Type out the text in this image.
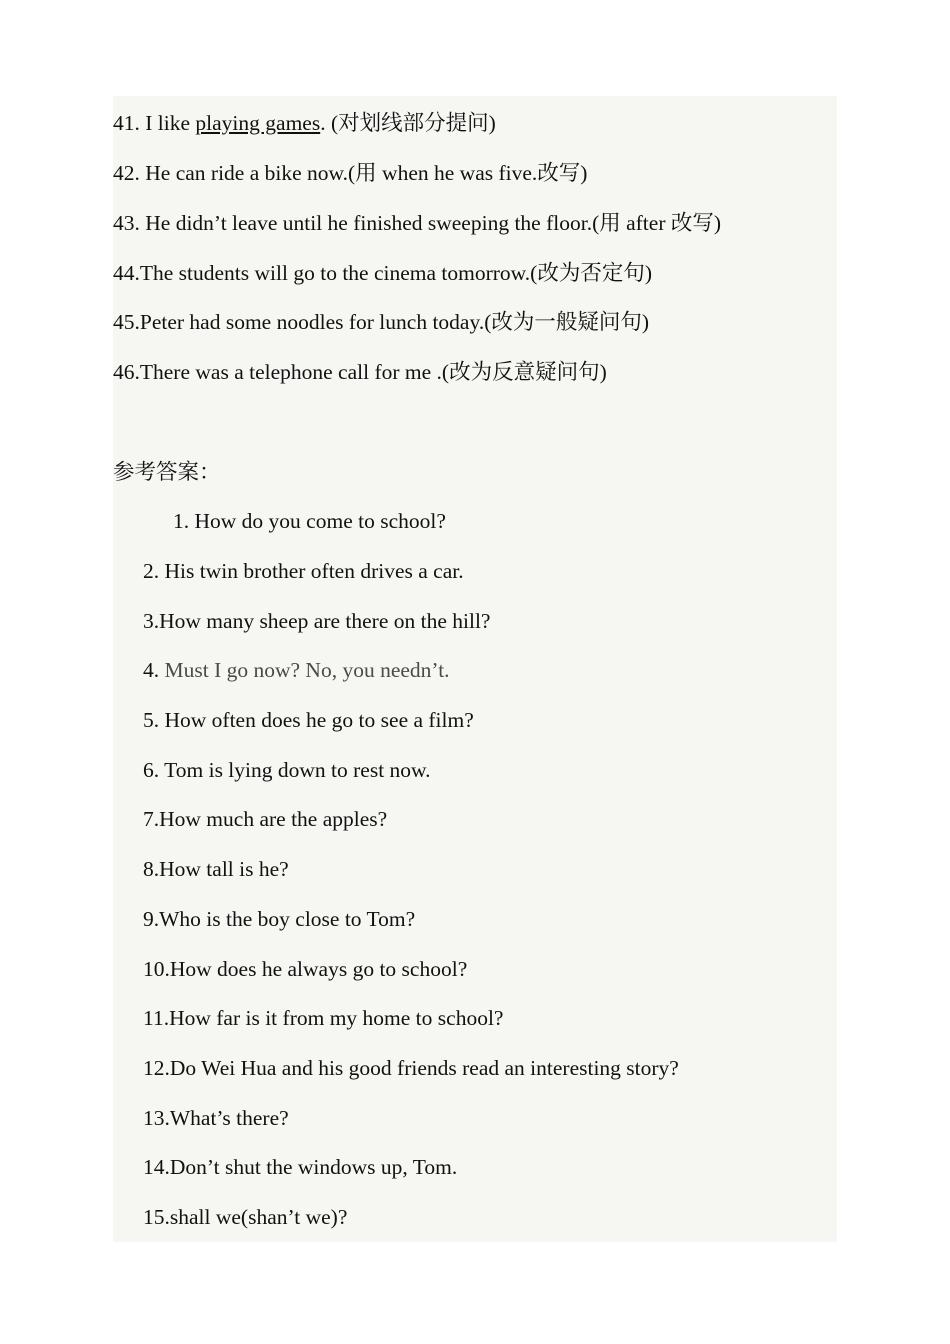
41. I like playing games. (对划线部分提问)
42. He can ride a bike now.(用 when he was five.改写)
43. He didn’t leave until he finished sweeping the floor.(用 after 改写)
44.The students will go to the cinema tomorrow.(改为否定句)
45.Peter had some noodles for lunch today.(改为一般疑问句)
46.There was a telephone call for me .(改为反意疑问句)
参考答案：
1. How do you come to school?
2. His twin brother often drives a car.
3.How many sheep are there on the hill?
4. Must I go now? No, you needn’t.
5. How often does he go to see a film?
6. Tom is lying down to rest now.
7.How much are the apples?
8.How tall is he?
9.Who is the boy close to Tom?
10.How does he always go to school?
11.How far is it from my home to school?
12.Do Wei Hua and his good friends read an interesting story?
13.What’s there?
14.Don’t shut the windows up, Tom.
15.shall we(shan’t we)?
